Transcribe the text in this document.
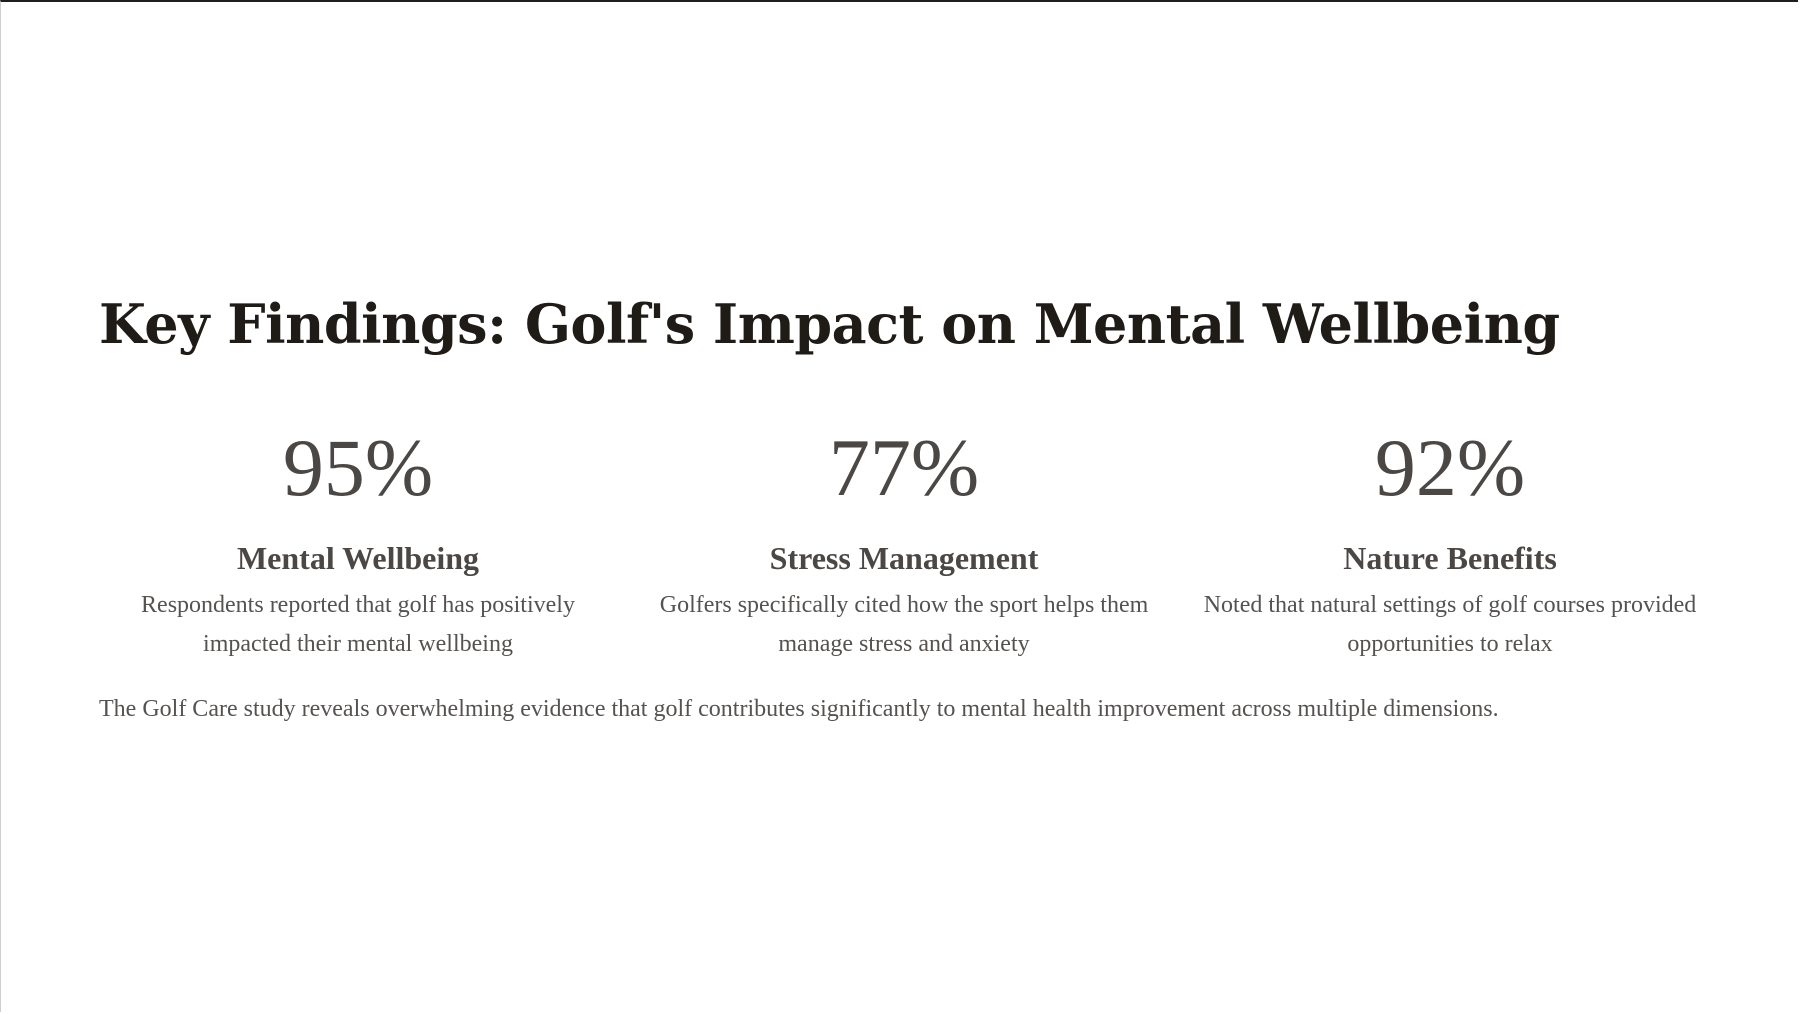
Key Findings: Golf's Impact on Mental Wellbeing
95%
Mental Wellbeing
Respondents reported that golf has positively impacted their mental wellbeing
77%
Stress Management
Golfers specifically cited how the sport helps them manage stress and anxiety
92%
Nature Benefits
Noted that natural settings of golf courses provided opportunities to relax

The Golf Care study reveals overwhelming evidence that golf contributes significantly to mental health improvement across multiple dimensions.
